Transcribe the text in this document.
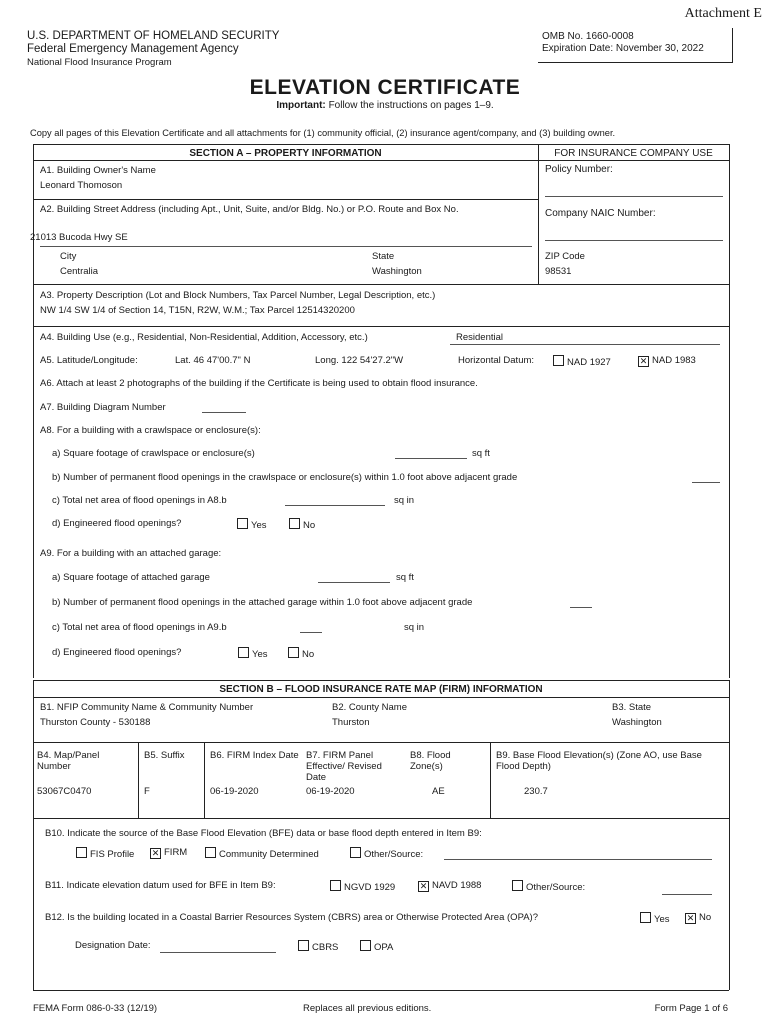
Attachment E
U.S. DEPARTMENT OF HOMELAND SECURITY
Federal Emergency Management Agency
National Flood Insurance Program
OMB No. 1660-0008
Expiration Date: November 30, 2022
ELEVATION CERTIFICATE
Important: Follow the instructions on pages 1–9.
Copy all pages of this Elevation Certificate and all attachments for (1) community official, (2) insurance agent/company, and (3) building owner.
SECTION A – PROPERTY INFORMATION	FOR INSURANCE COMPANY USE
Policy Number:
Company NAIC Number:
A1. Building Owner's Name
Leonard Thomoson
A2. Building Street Address (including Apt., Unit, Suite, and/or Bldg. No.) or P.O. Route and Box No.
21013 Bucoda Hwy SE
City
Centralia
State
Washington
ZIP Code
98531
A3. Property Description (Lot and Block Numbers, Tax Parcel Number, Legal Description, etc.)
NW 1/4 SW 1/4 of Section 14, T15N, R2W, W.M.; Tax Parcel 12514320200
A4. Building Use (e.g., Residential, Non-Residential, Addition, Accessory, etc.)	Residential
A5. Latitude/Longitude:	Lat. 46 47'00.7" N	Long. 122 54'27.2"W	Horizontal Datum:	NAD 1927	✕ NAD 1983
A6. Attach at least 2 photographs of the building if the Certificate is being used to obtain flood insurance.
A7. Building Diagram Number
A8. For a building with a crawlspace or enclosure(s):
a) Square footage of crawlspace or enclosure(s)	sq ft
b) Number of permanent flood openings in the crawlspace or enclosure(s) within 1.0 foot above adjacent grade
c) Total net area of flood openings in A8.b	sq in
d) Engineered flood openings?	Yes	No
A9. For a building with an attached garage:
a) Square footage of attached garage	sq ft
b) Number of permanent flood openings in the attached garage within 1.0 foot above adjacent grade
c) Total net area of flood openings in A9.b	sq in
d) Engineered flood openings?	Yes	No
SECTION B – FLOOD INSURANCE RATE MAP (FIRM) INFORMATION
B1. NFIP Community Name & Community Number
Thurston County - 530188
B2. County Name
Thurston
B3. State
Washington
B4. Map/Panel Number
53067C0470
B5. Suffix
F
B6. FIRM Index Date
06-19-2020
B7. FIRM Panel Effective/ Revised Date
06-19-2020
B8. Flood Zone(s)
AE
B9. Base Flood Elevation(s) (Zone AO, use Base Flood Depth)
230.7
B10. Indicate the source of the Base Flood Elevation (BFE) data or base flood depth entered in Item B9:
FIS Profile ✕ FIRM	Community Determined	Other/Source:
B11. Indicate elevation datum used for BFE in Item B9:	NGVD 1929	✕ NAVD 1988	Other/Source:
B12. Is the building located in a Coastal Barrier Resources System (CBRS) area or Otherwise Protected Area (OPA)?	Yes ✕ No
Designation Date:	CBRS	OPA
FEMA Form 086-0-33 (12/19)	Replaces all previous editions.	Form Page 1 of 6
